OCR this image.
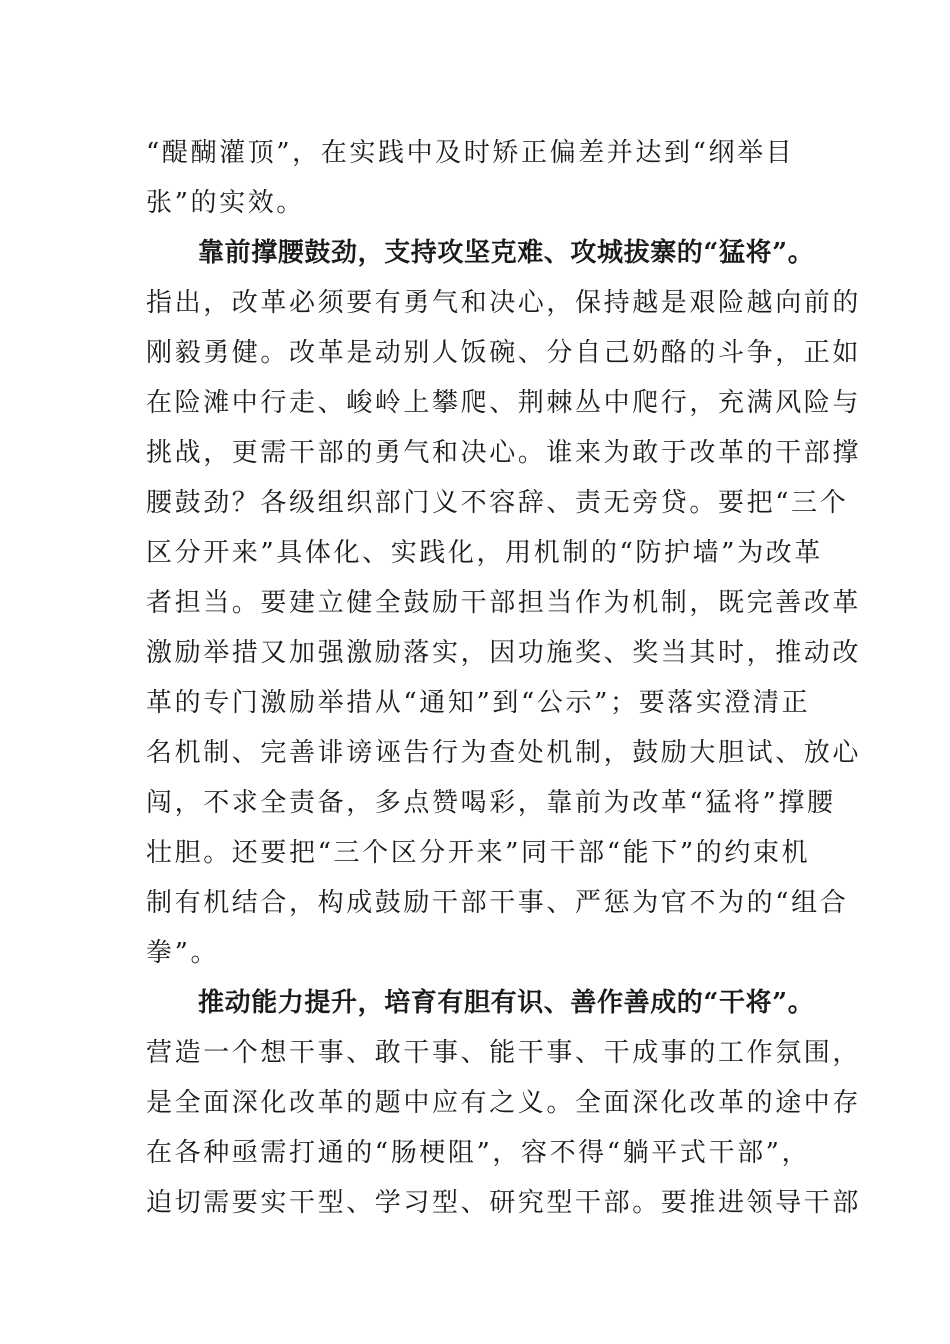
“醍醐灌顶”，在实践中及时矫正偏差并达到“纲举目
张”的实效。
靠前撑腰鼓劲，支持攻坚克难、攻城拔寨的“猛将”。
指出，改革必须要有勇气和决心，保持越是艰险越向前的
刚毅勇健。改革是动别人饭碗、分自己奶酪的斗争，正如
在险滩中行走、峻岭上攀爬、荆棘丛中爬行，充满风险与
挑战，更需干部的勇气和决心。谁来为敢于改革的干部撑
腰鼓劲？各级组织部门义不容辞、责无旁贷。要把“三个
区分开来”具体化、实践化，用机制的“防护墙”为改革
者担当。要建立健全鼓励干部担当作为机制，既完善改革
激励举措又加强激励落实，因功施奖、奖当其时，推动改
革的专门激励举措从“通知”到“公示”；要落实澄清正
名机制、完善诽谤诬告行为查处机制，鼓励大胆试、放心
闯，不求全责备，多点赞喝彩，靠前为改革“猛将”撑腰
壮胆。还要把“三个区分开来”同干部“能下”的约束机
制有机结合，构成鼓励干部干事、严惩为官不为的“组合
拳”。
推动能力提升，培育有胆有识、善作善成的“干将”。
营造一个想干事、敢干事、能干事、干成事的工作氛围，
是全面深化改革的题中应有之义。全面深化改革的途中存
在各种亟需打通的“肠梗阻”，容不得“躺平式干部”，
迫切需要实干型、学习型、研究型干部。要推进领导干部
